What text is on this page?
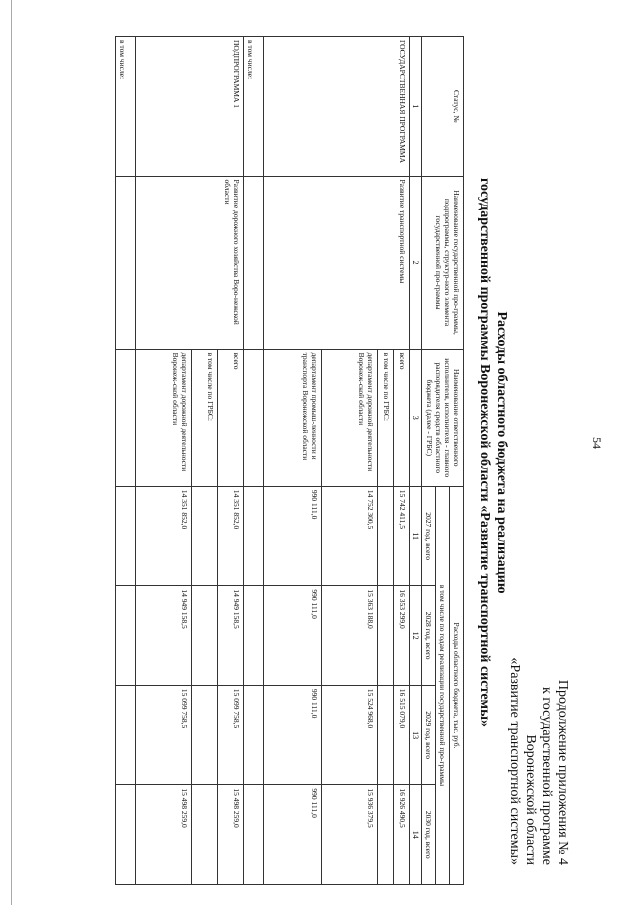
54
Продолжение приложения № 4
к государственной программе
Воронежской области
«Развитие транспортной системы»
Расходы областного бюджета на реализацию
государственной программы Воронежской области «Развитие транспортной системы»
Статус, №	Наименование государственной про-граммы, подпрограммы, структур-ного элемента государственной про-граммы	Наименование ответственного исполнителя, исполнителя - главного распорядителя средств областного бюджета (далее - ГРБС)	Расходы областного бюджета, тыс. руб.			
			в том числе по годам реализации государственной про-граммы			
			2027 год, всего	2028 год, всего	2029 год, всего	2030 год, всего
1	2	3	11	12	13	14
ГОСУДАРСТВЕННАЯ ПРОГРАММА	Развитие транспортной системы	всего	15 742 411,5	16 353 299,0	16 515 079,0	16 926 490,5
		в том числе по ГРБС:				
		департамент дорожной деятельности Воронеж-ской области	14 752 300,5	15 363 188,0	15 524 968,0	15 936 379,5
		департамент промыш-ленности и транспорта Воронежской области	990 111,0	990 111,0	990 111,0	990 111,0
в том числе:						
ПОДПРОГРАММА 1	Развитие дорожного хозяйства Воро-нежской области	всего	14 351 852,0	14 949 158,5	15 099 758,5	15 498 259,0
		в том числе по ГРБС:				
		департамент дорожной деятельности Воронеж-ской области	14 351 852,0	14 949 158,5	15 099 758,5	15 498 259,0
в том числе:						
